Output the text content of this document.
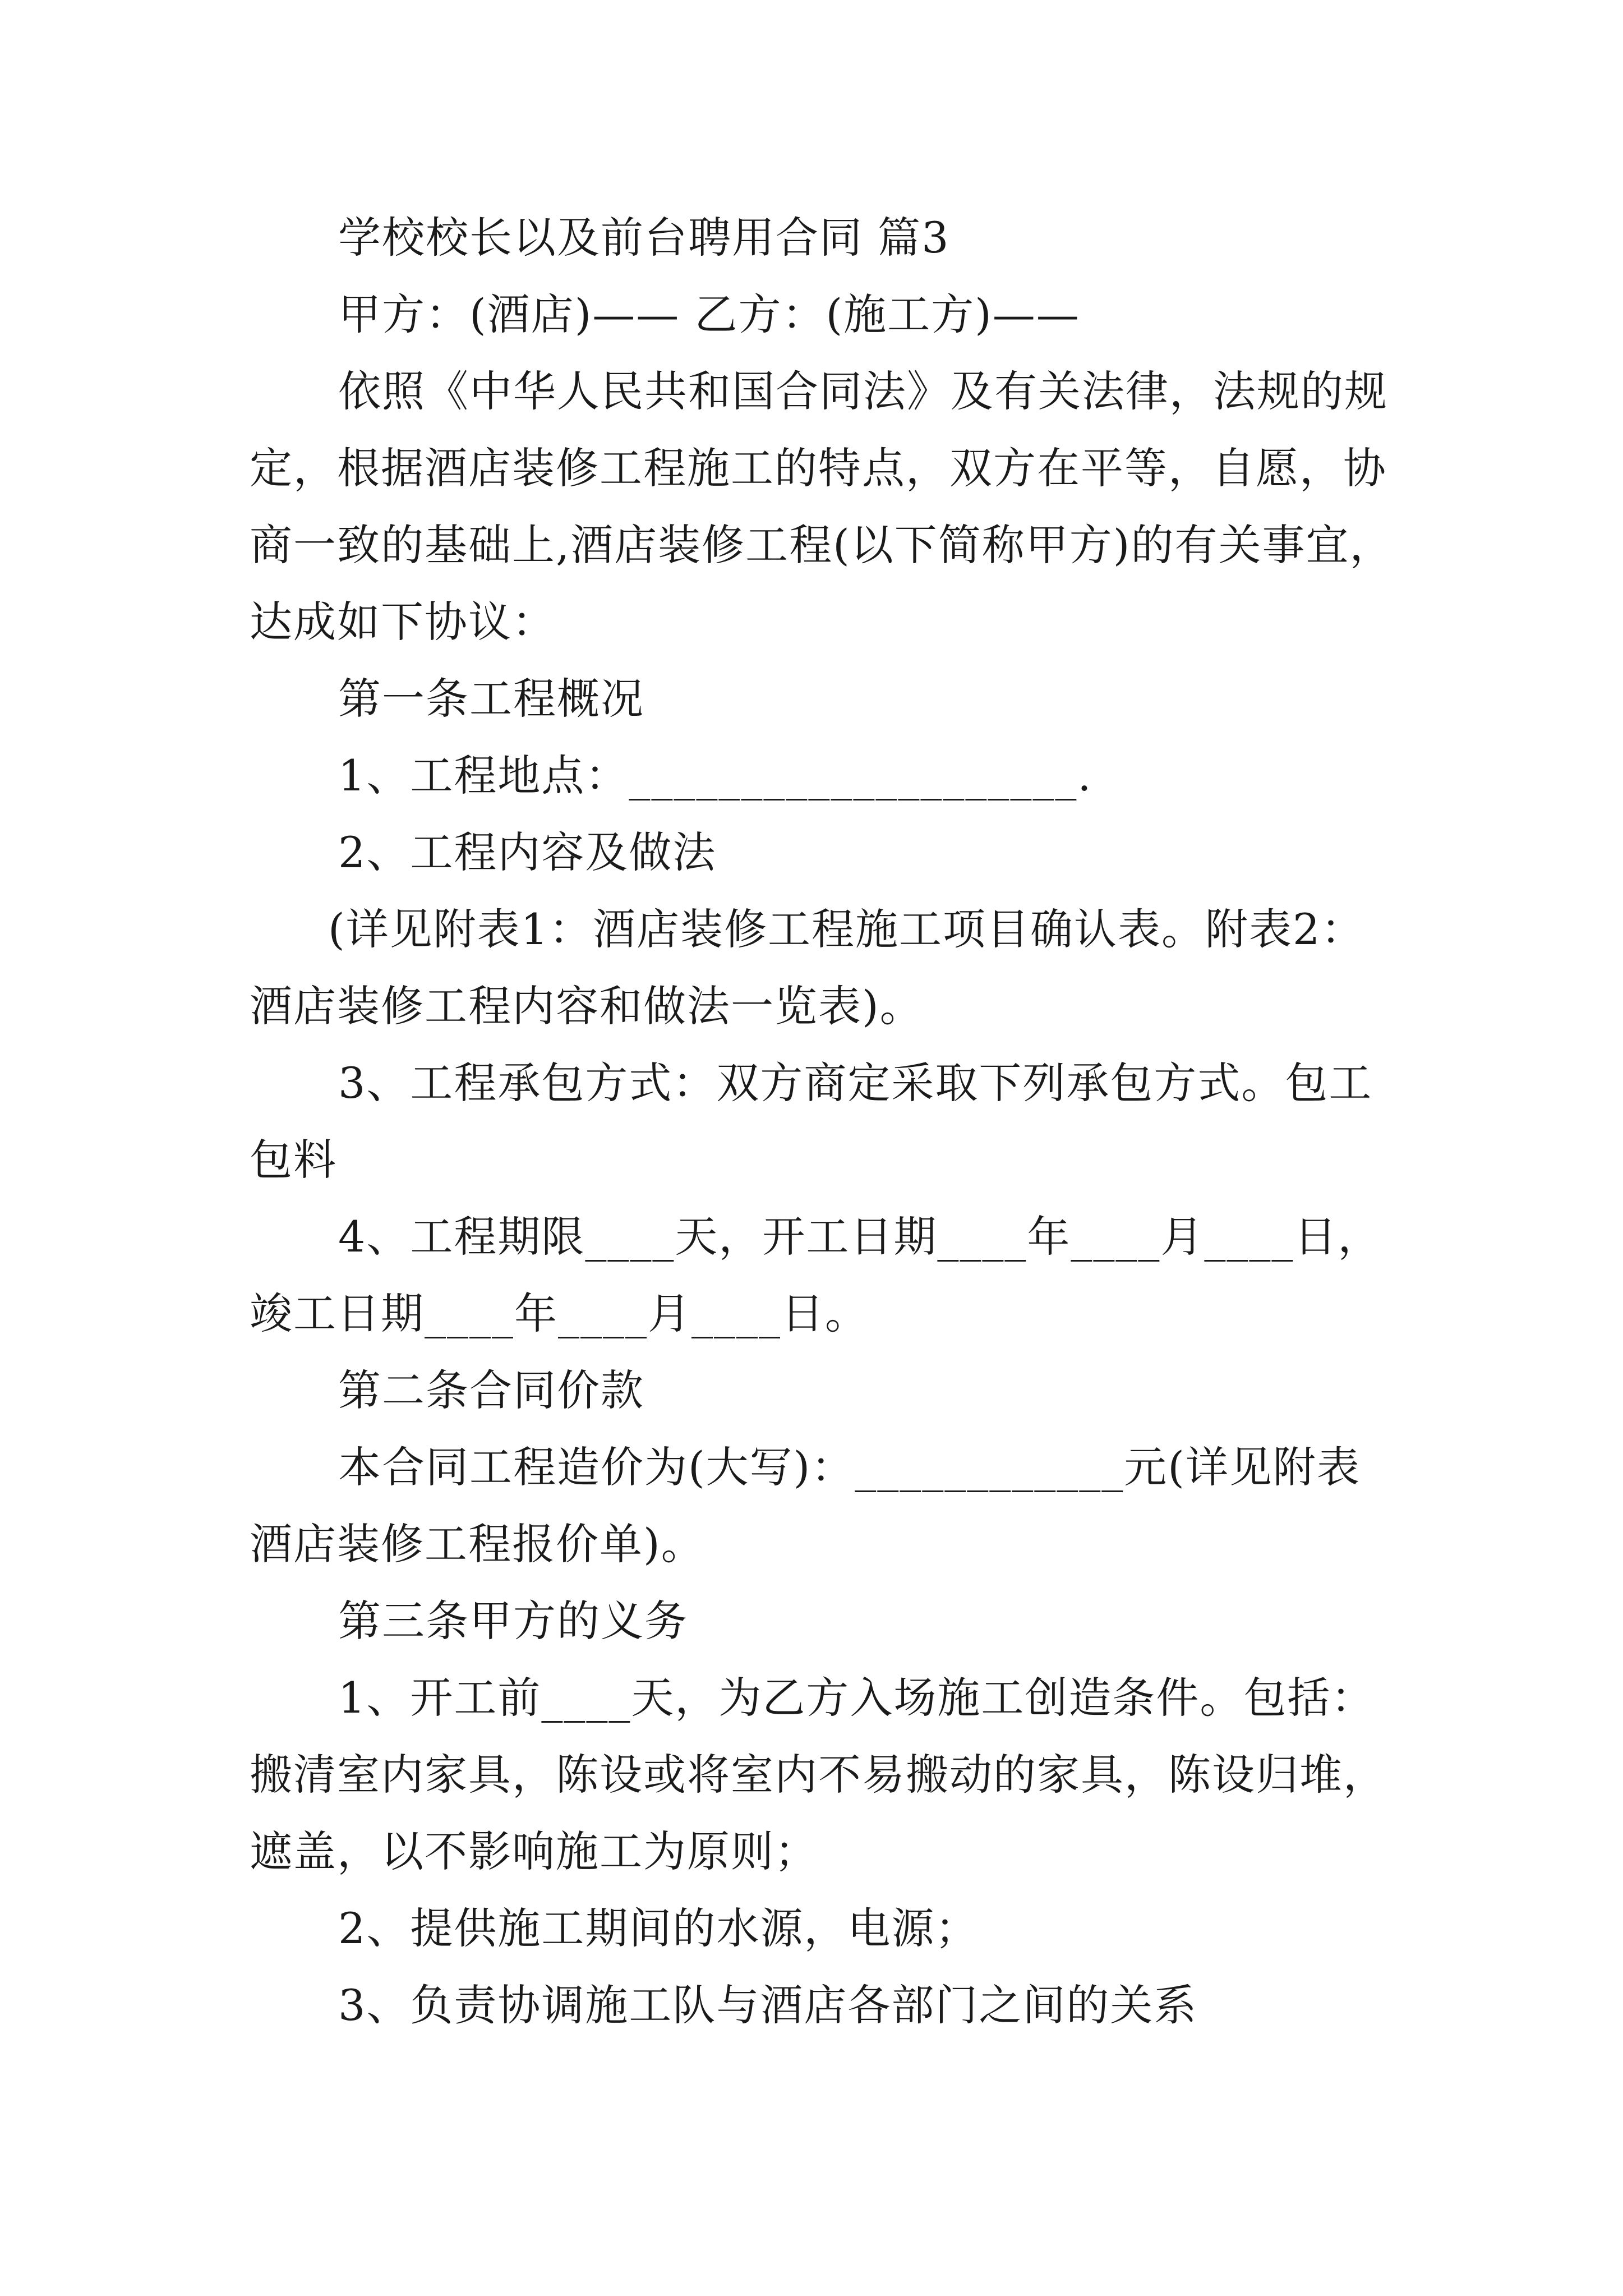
学校校长以及前台聘用合同 篇3

甲方：(酒店)—— 乙方：(施工方)——

依照《中华人民共和国合同法》及有关法律，法规的规
定，根据酒店装修工程施工的特点，双方在平等，自愿，协
商一致的基础上,酒店装修工程(以下简称甲方)的有关事宜，
达成如下协议：

第一条工程概况

1、工程地点：____________________.

2、工程内容及做法

(详见附表1：酒店装修工程施工项目确认表。附表2：
酒店装修工程内容和做法一览表)。

3、工程承包方式：双方商定采取下列承包方式。包工
包料

4、工程期限____天，开工日期____年____月____日，
竣工日期____年____月____日。

第二条合同价款

本合同工程造价为(大写)：____________元(详见附表
酒店装修工程报价单)。

第三条甲方的义务

1、开工前____天，为乙方入场施工创造条件。包括：
搬清室内家具，陈设或将室内不易搬动的家具，陈设归堆，
遮盖，以不影响施工为原则；

2、提供施工期间的水源，电源；

3、负责协调施工队与酒店各部门之间的关系
